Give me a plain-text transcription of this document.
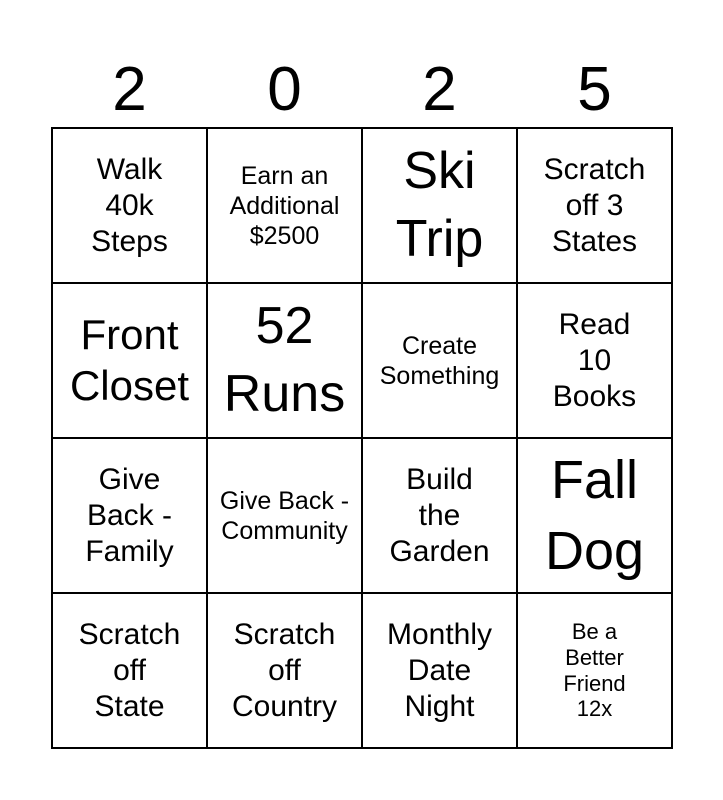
2	0	2	5
Walk
40k
Steps
Earn an
Additional
$2500
Ski
Trip
Scratch
off 3
States
Front
Closet
52
Runs
Create
Something
Read
10
Books
Give
Back -
Family
Give Back -
Community
Build
the
Garden
Fall
Dog
Scratch
off
State
Scratch
off
Country
Monthly
Date
Night
Be a
Better
Friend
12x
